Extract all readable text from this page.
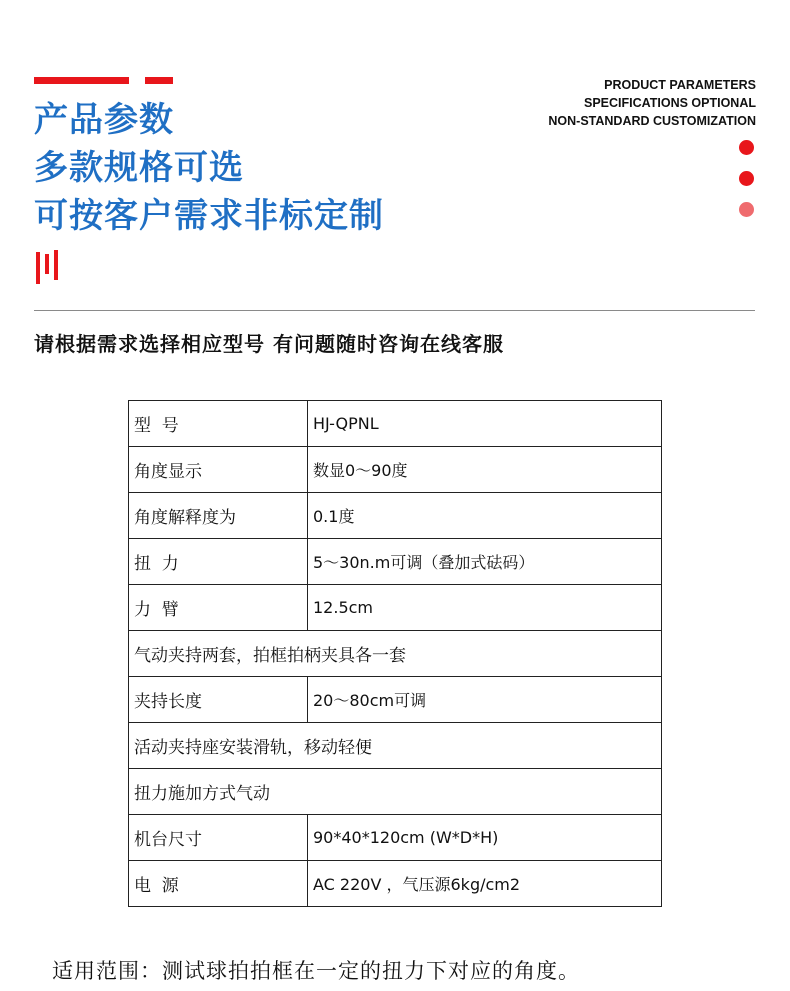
产品参数
多款规格可选
可按客户需求非标定制
PRODUCT PARAMETERS
SPECIFICATIONS OPTIONAL
NON-STANDARD CUSTOMIZATION
请根据需求选择相应型号 有问题随时咨询在线客服
型  号	HJ-QPNL
角度显示	数显0～90度
角度解释度为	0.1度
扭  力	5～30n.m可调（叠加式砝码）
力  臂	12.5cm
气动夹持两套，拍框拍柄夹具各一套	
夹持长度	20～80cm可调
活动夹持座安装滑轨，移动轻便	
扭力施加方式气动	
机台尺寸	90*40*120cm (W*D*H)
电  源	AC 220V ，气压源6kg/cm2
适用范围：测试球拍拍框在一定的扭力下对应的角度。
